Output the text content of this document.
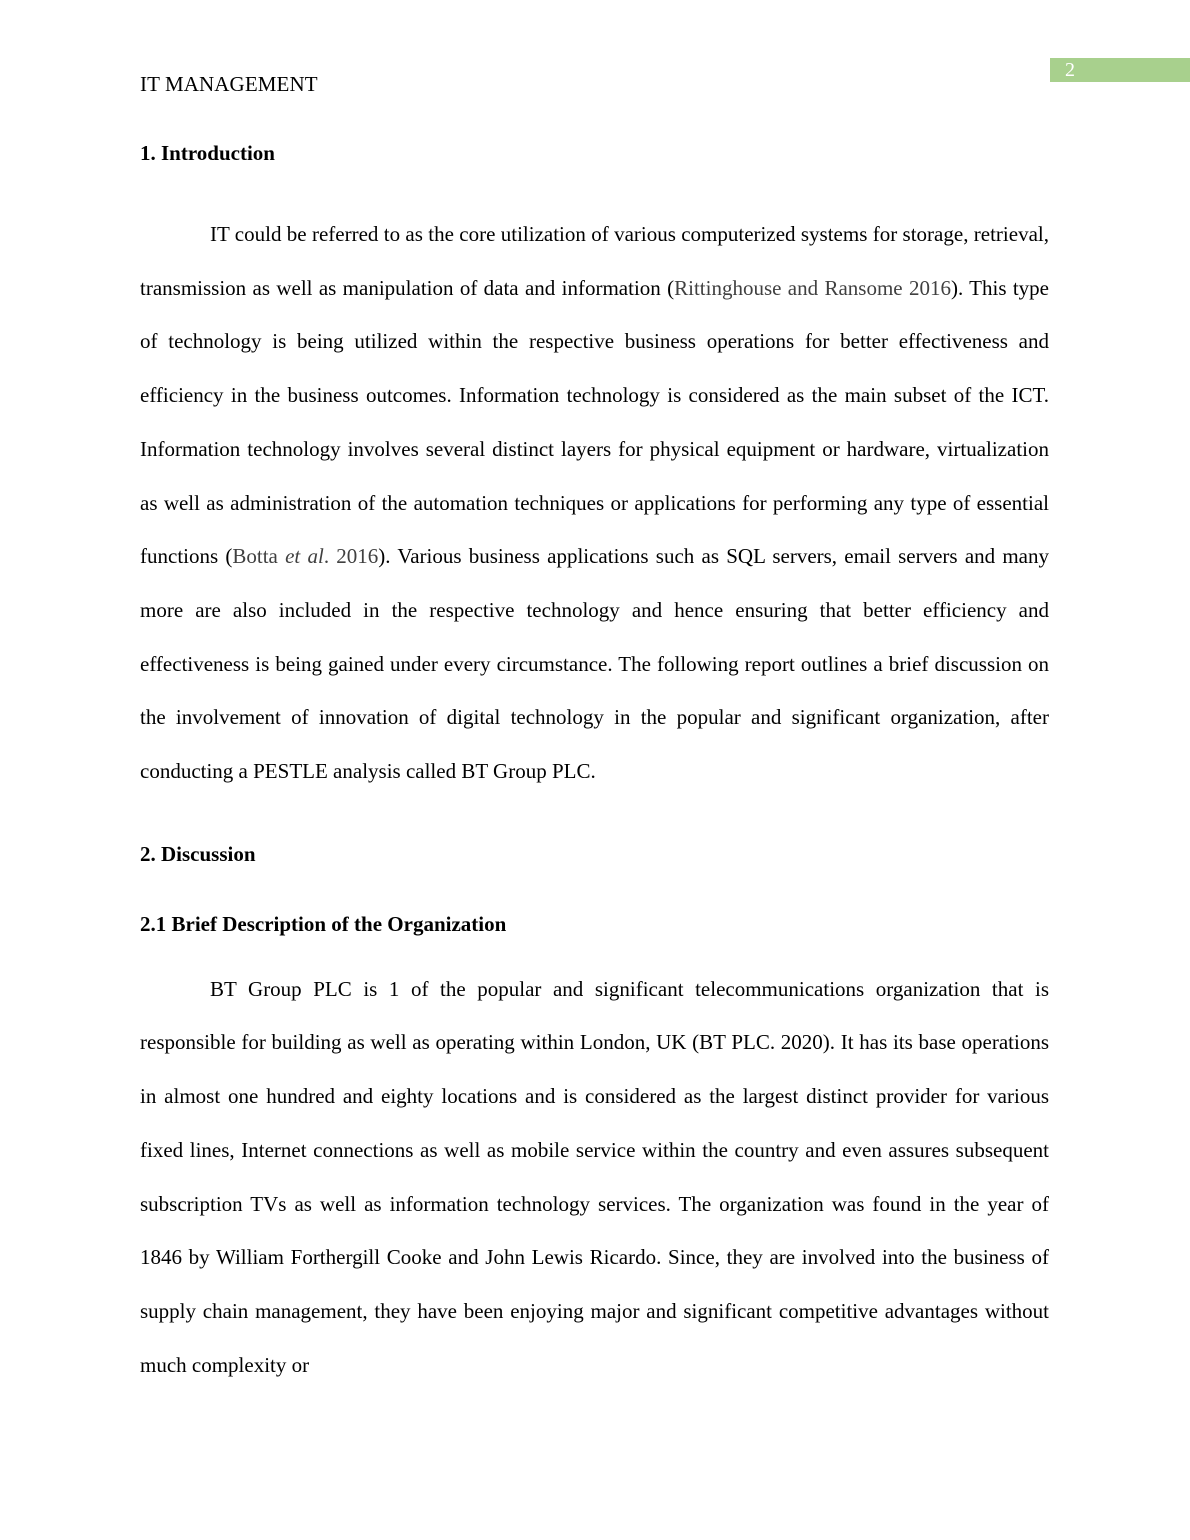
2
IT MANAGEMENT
1. Introduction

IT could be referred to as the core utilization of various computerized systems for storage, retrieval, transmission as well as manipulation of data and information (Rittinghouse and Ransome 2016). This type of technology is being utilized within the respective business operations for better effectiveness and efficiency in the business outcomes. Information technology is considered as the main subset of the ICT. Information technology involves several distinct layers for physical equipment or hardware, virtualization as well as administration of the automation techniques or applications for performing any type of essential functions (Botta et al. 2016). Various business applications such as SQL servers, email servers and many more are also included in the respective technology and hence ensuring that better efficiency and effectiveness is being gained under every circumstance. The following report outlines a brief discussion on the involvement of innovation of digital technology in the popular and significant organization, after conducting a PESTLE analysis called BT Group PLC.

2. Discussion
2.1 Brief Description of the Organization

BT Group PLC is 1 of the popular and significant telecommunications organization that is responsible for building as well as operating within London, UK (BT PLC. 2020). It has its base operations in almost one hundred and eighty locations and is considered as the largest distinct provider for various fixed lines, Internet connections as well as mobile service within the country and even assures subsequent subscription TVs as well as information technology services. The organization was found in the year of 1846 by William Forthergill Cooke and John Lewis Ricardo. Since, they are involved into the business of supply chain management, they have been enjoying major and significant competitive advantages without much complexity or
